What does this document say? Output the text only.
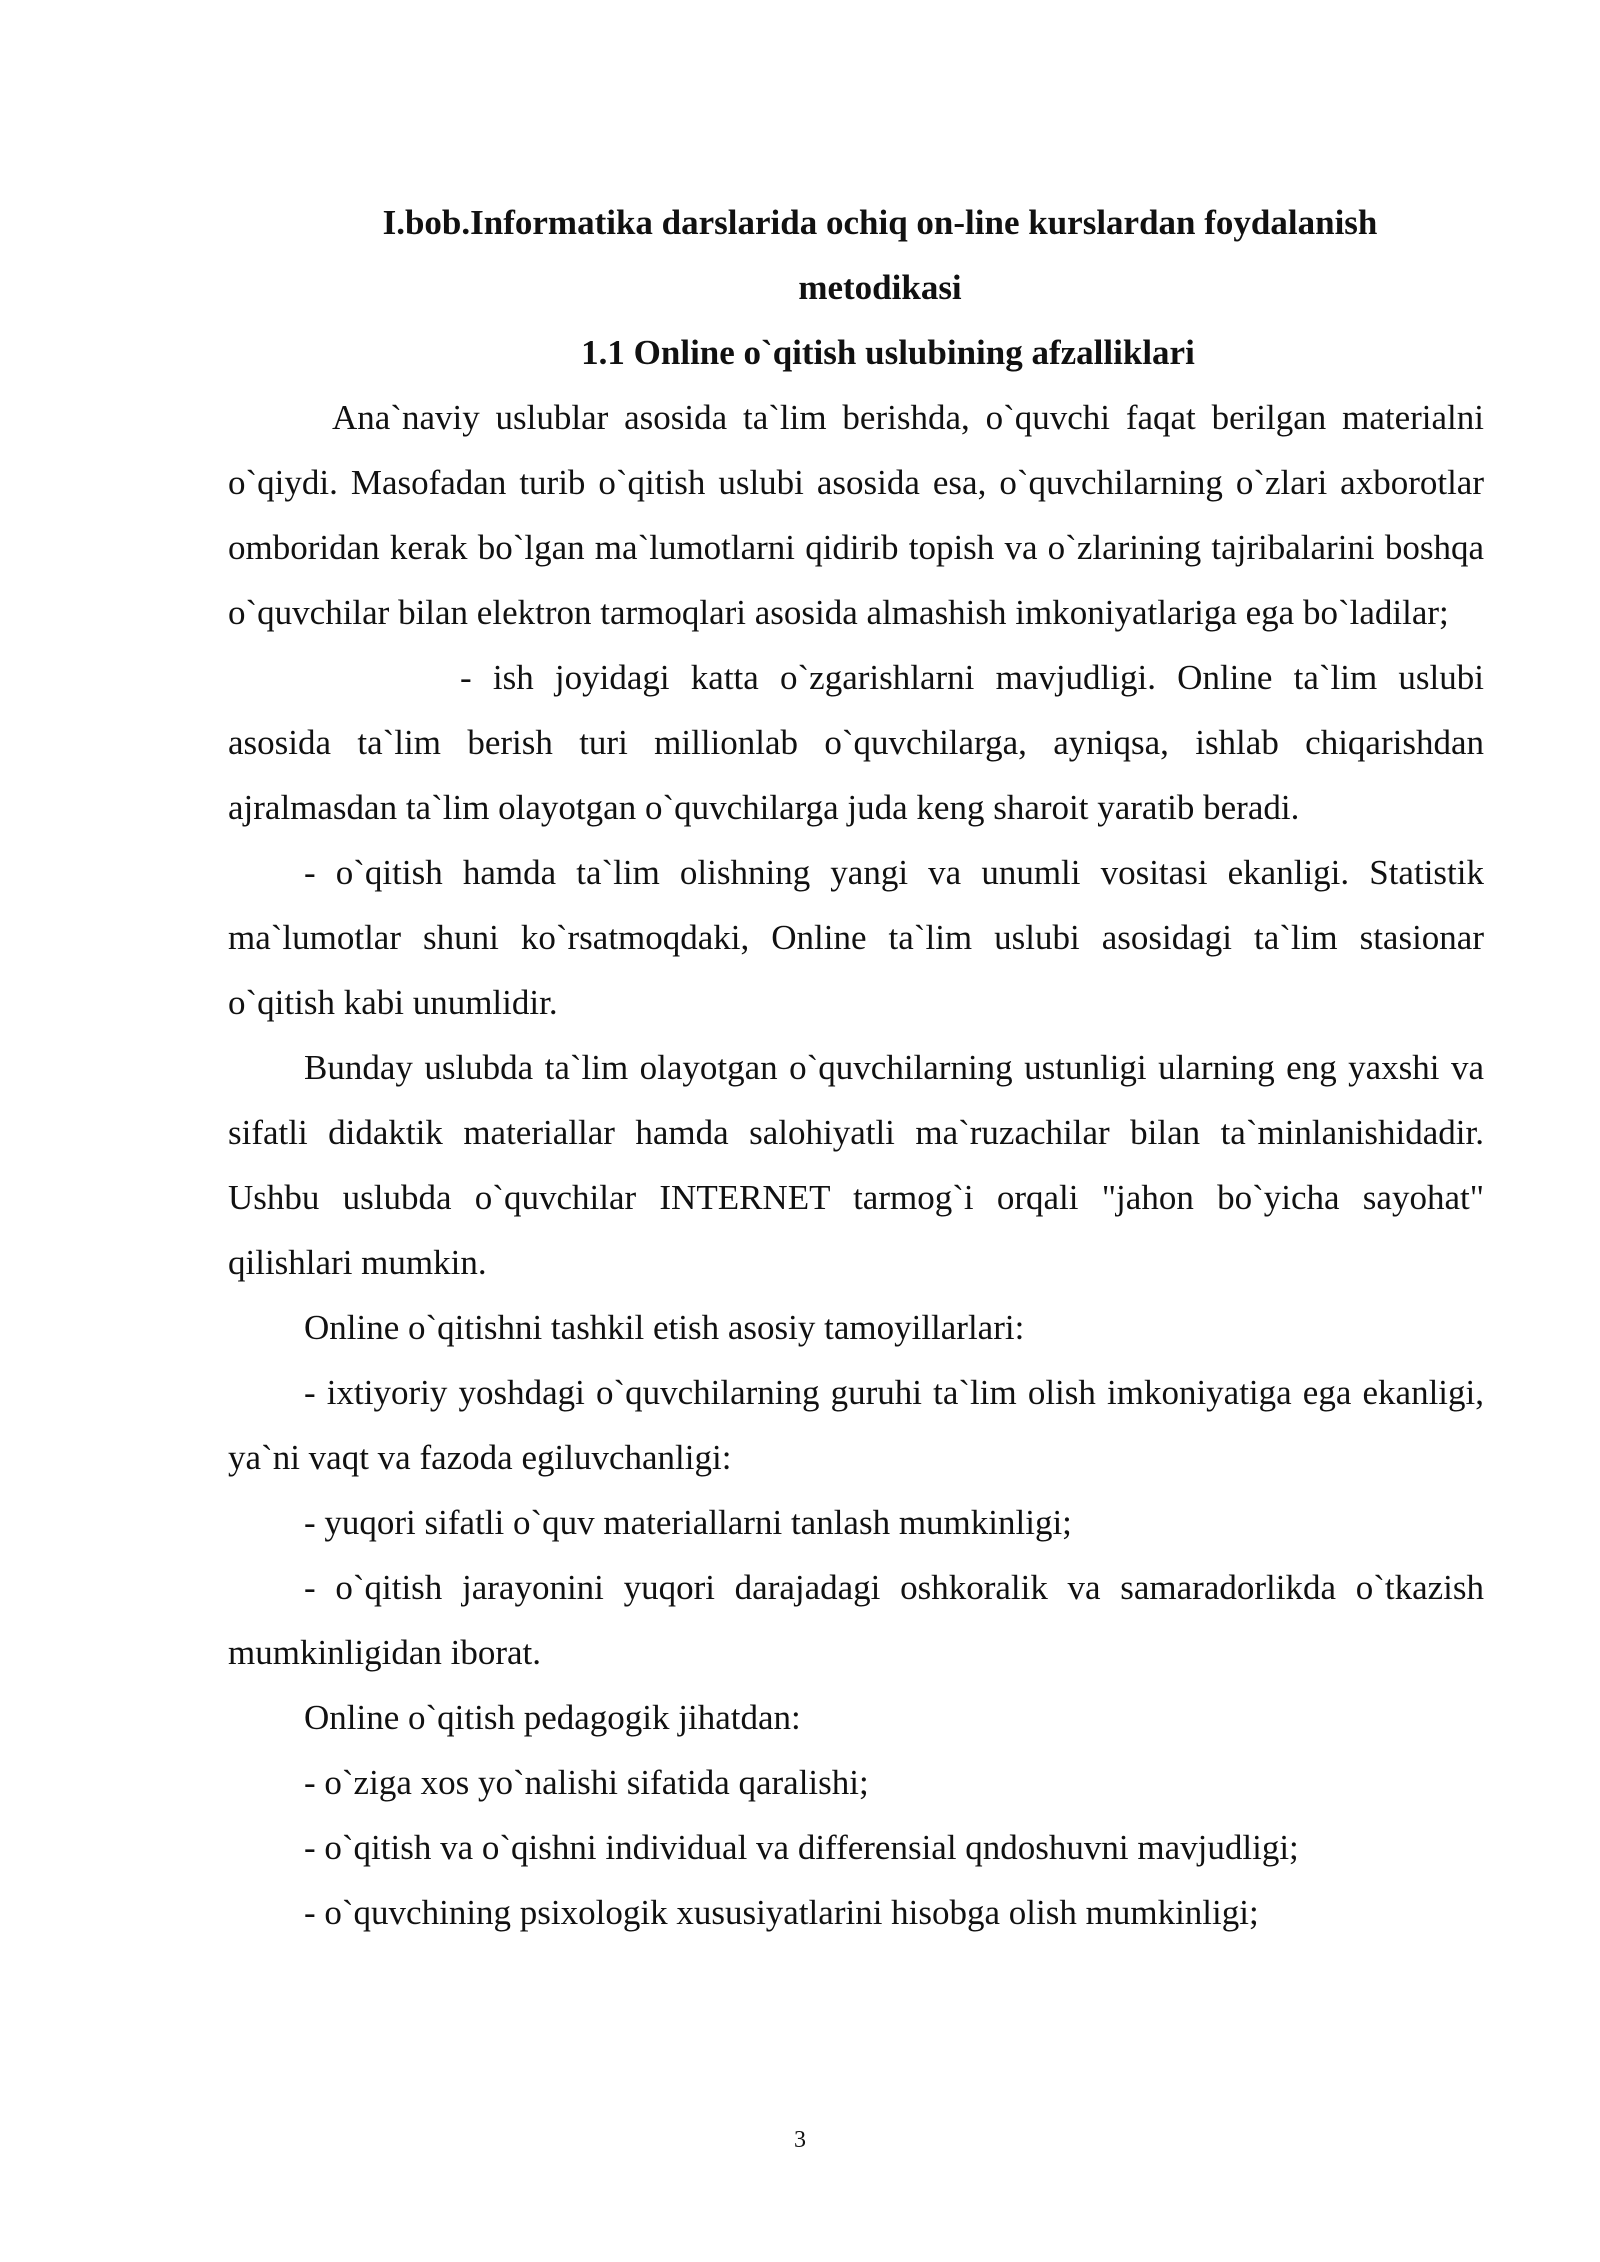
I.bob.Informatika darslarida ochiq on-line kurslardan foydalanish
metodikasi
1.1 Online o`qitish uslubining afzalliklari

Ana`naviy uslublar asosida ta`lim berishda, o`quvchi faqat berilgan materialni o`qiydi. Masofadan turib o`qitish uslubi asosida esa, o`quvchilarning o`zlari axborotlar omboridan kerak bo`lgan ma`lumotlarni qidirib topish va o`zlarining tajribalarini boshqa o`quvchilar bilan elektron tarmoqlari asosida almashish imkoniyatlariga ega bo`ladilar;

- ish joyidagi katta o`zgarishlarni mavjudligi. Online ta`lim uslubi asosida ta`lim berish turi millionlab o`quvchilarga, ayniqsa, ishlab chiqarishdan ajralmasdan ta`lim olayotgan o`quvchilarga juda keng sharoit yaratib beradi.

- o`qitish hamda ta`lim olishning yangi va unumli vositasi ekanligi. Statistik ma`lumotlar shuni ko`rsatmoqdaki, Online ta`lim uslubi asosidagi ta`lim stasionar o`qitish kabi unumlidir.

Bunday uslubda ta`lim olayotgan o`quvchilarning ustunligi ularning eng yaxshi va sifatli didaktik materiallar hamda salohiyatli ma`ruzachilar bilan ta`minlanishidadir. Ushbu uslubda o`quvchilar INTERNET tarmog`i orqali "jahon bo`yicha sayohat" qilishlari mumkin.

Online o`qitishni tashkil etish asosiy tamoyillarlari:

- ixtiyoriy yoshdagi o`quvchilarning guruhi ta`lim olish imkoniyatiga ega ekanligi, ya`ni vaqt va fazoda egiluvchanligi:

- yuqori sifatli o`quv materiallarni tanlash mumkinligi;

- o`qitish jarayonini yuqori darajadagi oshkoralik va samaradorlikda o`tkazish mumkinligidan iborat.

Online o`qitish pedagogik jihatdan:

- o`ziga xos yo`nalishi sifatida qaralishi;

- o`qitish va o`qishni individual va differensial qndoshuvni mavjudligi;

- o`quvchining psixologik xususiyatlarini hisobga olish mumkinligi;

3
